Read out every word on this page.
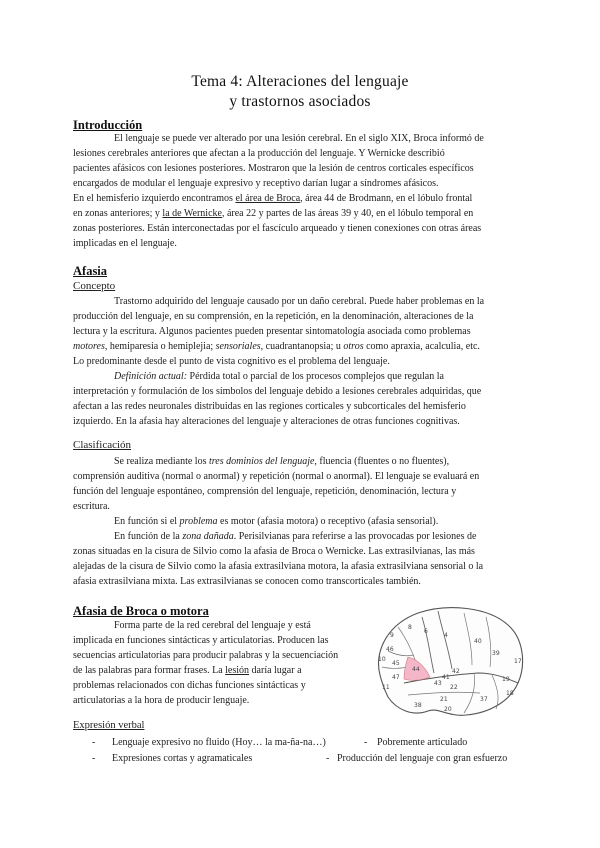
Tema 4: Alteraciones del lenguaje
y trastornos asociados
Introducción
El lenguaje se puede ver alterado por una lesión cerebral. En el siglo XIX, Broca informó de
lesiones cerebrales anteriores que afectan a la producción del lenguaje. Y Wernicke describió
pacientes afásicos con lesiones posteriores. Mostraron que la lesión de centros corticales específicos
encargados de modular el lenguaje expresivo y receptivo darían lugar a síndromes afásicos.
En el hemisferio izquierdo encontramos el área de Broca, área 44 de Brodmann, en el lóbulo frontal
en zonas anteriores; y la de Wernicke, área 22 y partes de las áreas 39 y 40, en el lóbulo temporal en
zonas posteriores. Están interconectadas por el fascículo arqueado y tienen conexiones con otras áreas
implicadas en el lenguaje.
Afasia
Concepto
Trastorno adquirido del lenguaje causado por un daño cerebral. Puede haber problemas en la
producción del lenguaje, en su comprensión, en la repetición, en la denominación, alteraciones de la
lectura y la escritura. Algunos pacientes pueden presentar sintomatología asociada como problemas
motores, hemiparesia o hemiplejia; sensoriales, cuadrantanopsia; u otros como apraxia, acalculia, etc.
Lo predominante desde el punto de vista cognitivo es el problema del lenguaje.
Definición actual: Pérdida total o parcial de los procesos complejos que regulan la
interpretación y formulación de los símbolos del lenguaje debido a lesiones cerebrales adquiridas, que
afectan a las redes neuronales distribuidas en las regiones corticales y subcorticales del hemisferio
izquierdo. En la afasia hay alteraciones del lenguaje y alteraciones de otras funciones cognitivas.
Clasificación
Se realiza mediante los tres dominios del lenguaje, fluencia (fluentes o no fluentes),
comprensión auditiva (normal o anormal) y repetición (normal o anormal). El lenguaje se evaluará en
función del lenguaje espontáneo, comprensión del lenguaje, repetición, denominación, lectura y
escritura.
En función si el problema es motor (afasia motora) o receptivo (afasia sensorial).
En función de la zona dañada. Perisilvianas para referirse a las provocadas por lesiones de
zonas situadas en la cisura de Silvio como la afasia de Broca o Wernicke. Las extrasilvianas, las más
alejadas de la cisura de Silvio como la afasia extrasilviana motora, la afasia extrasilviana sensorial o la
afasia extrasilviana mixta. Las extrasilvianas se conocen como transcorticales también.
Afasia de Broca o motora
Forma parte de la red cerebral del lenguaje y está
implicada en funciones sintácticas y articulatorias. Producen las
secuencias articulatorias para producir palabras y la secuenciación
de las palabras para formar frases. La lesión daría lugar a
problemas relacionados con dichas funciones sintácticas y
articulatorias a la hora de producir lenguaje.
46
45
44
47	41
42
22
21
20
38
37
19
18
17
39
40
4
6
8
9
10
11
43
Expresión verbal
- Lenguaje expresivo no fluido (Hoy… la ma-ña-na…)	- Pobremente articulado
- Expresiones cortas y agramaticales	- Producción del lenguaje con gran esfuerzo
